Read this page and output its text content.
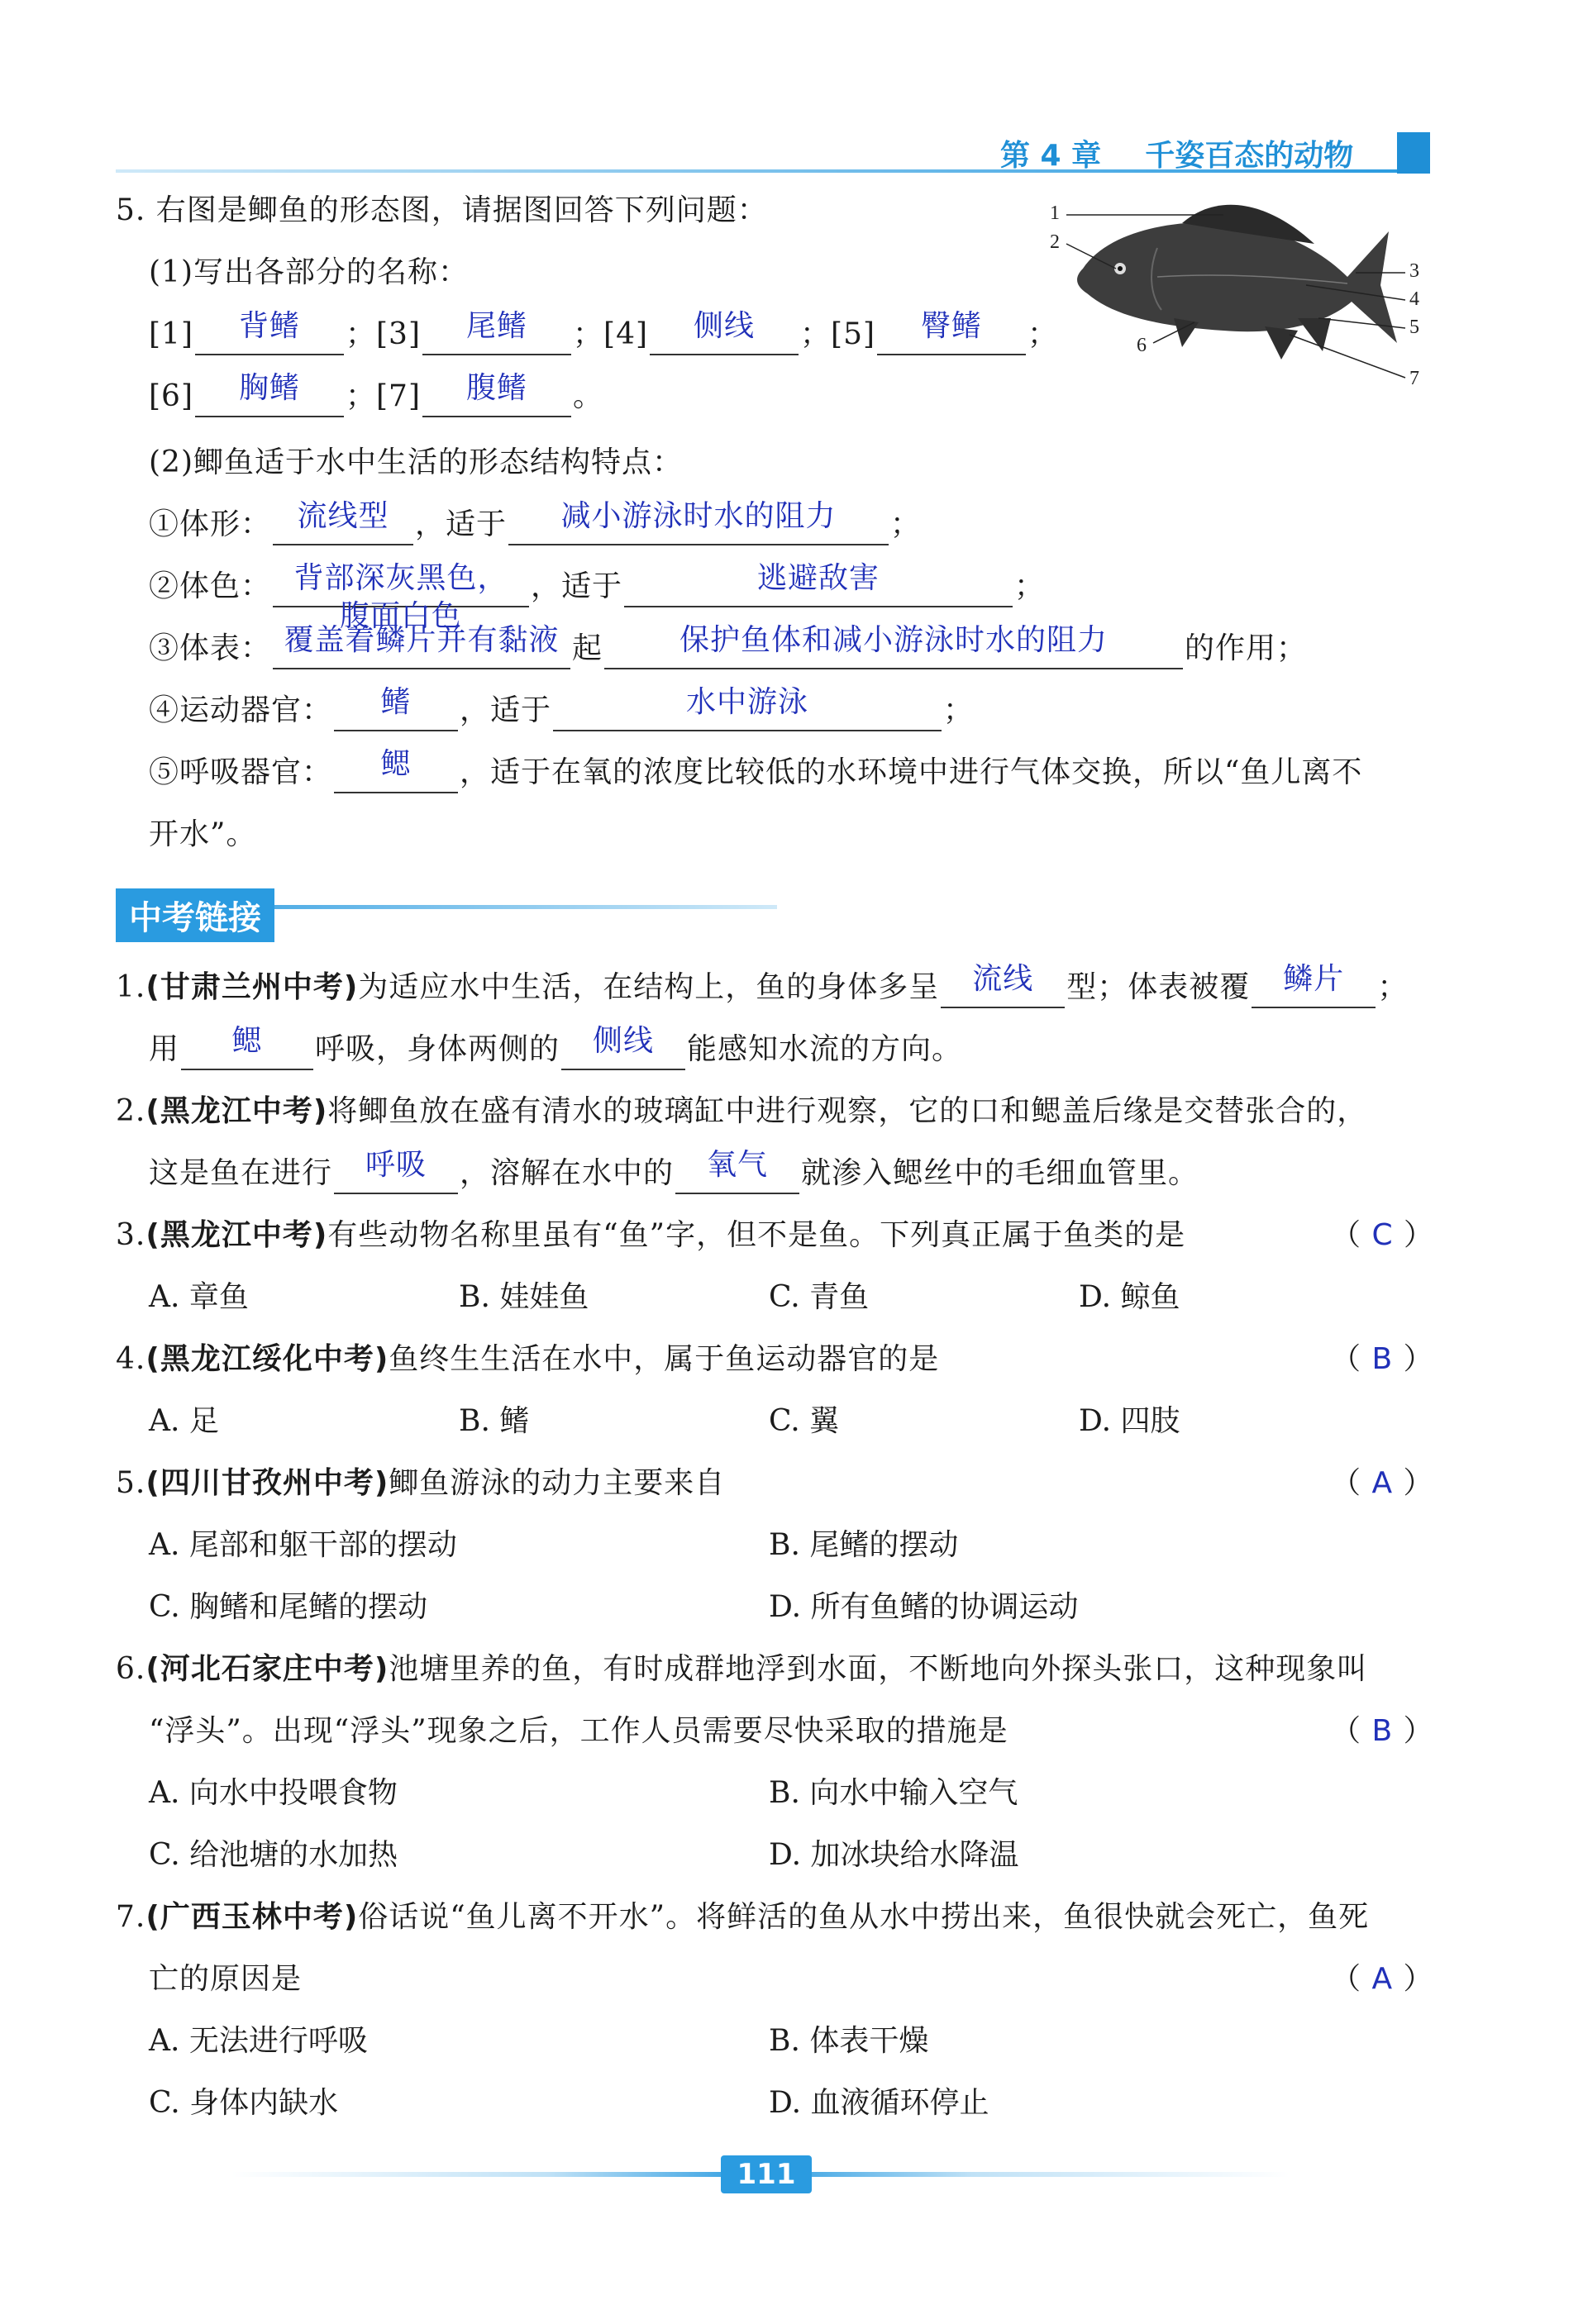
第 4 章 千姿百态的动物
1
2
3
4
5
6
7
5. 右图是鲫鱼的形态图，请据图回答下列问题：
(1)写出各部分的名称：
[1]	背鳍	；[3]	尾鳍	；[4]	侧线	；[5]	臀鳍	；
[6]	胸鳍	；[7]	腹鳍	。
(2)鲫鱼适于水中生活的形态结构特点：
①体形： 流线型 ，适于	减小游泳时水的阻力	；
②体色： 背部深灰黑色，
腹面白色
，适于	逃避敌害	；
③体表： 覆盖着鳞片并有黏液 起	保护鱼体和减小游泳时水的阻力	的作用；
④运动器官：	鳍	，适于	水中游泳	；
⑤呼吸器官：	鳃	，适于在氧的浓度比较低的水环境中进行气体交换，所以“鱼儿离不
开水”。
中考链接
1.(甘肃兰州中考)为适应水中生活，在结构上，鱼的身体多呈	流线	型；体表被覆	鳞片	；
用	鳃	呼吸，身体两侧的	侧线	能感知水流的方向。
2.(黑龙江中考)将鲫鱼放在盛有清水的玻璃缸中进行观察，它的口和鳃盖后缘是交替张合的，
这是鱼在进行	呼吸	，溶解在水中的	氧气	就渗入鳃丝中的毛细血管里。
3.(黑龙江中考)有些动物名称里虽有“鱼”字，但不是鱼。下列真正属于鱼类的是	（ C ）
A. 章鱼	B. 娃娃鱼	C. 青鱼	D. 鲸鱼
4.(黑龙江绥化中考)鱼终生生活在水中，属于鱼运动器官的是	（ B ）
A. 足	B. 鳍	C. 翼	D. 四肢
5.(四川甘孜州中考)鲫鱼游泳的动力主要来自	（ A ）
A. 尾部和躯干部的摆动	B. 尾鳍的摆动
C. 胸鳍和尾鳍的摆动	D. 所有鱼鳍的协调运动
6.(河北石家庄中考)池塘里养的鱼，有时成群地浮到水面，不断地向外探头张口，这种现象叫
“浮头”。出现“浮头”现象之后，工作人员需要尽快采取的措施是	（ B ）
A. 向水中投喂食物	B. 向水中输入空气
C. 给池塘的水加热	D. 加冰块给水降温
7.(广西玉林中考)俗话说“鱼儿离不开水”。将鲜活的鱼从水中捞出来，鱼很快就会死亡，鱼死
亡的原因是	（ A ）
A. 无法进行呼吸	B. 体表干燥
C. 身体内缺水	D. 血液循环停止
111
